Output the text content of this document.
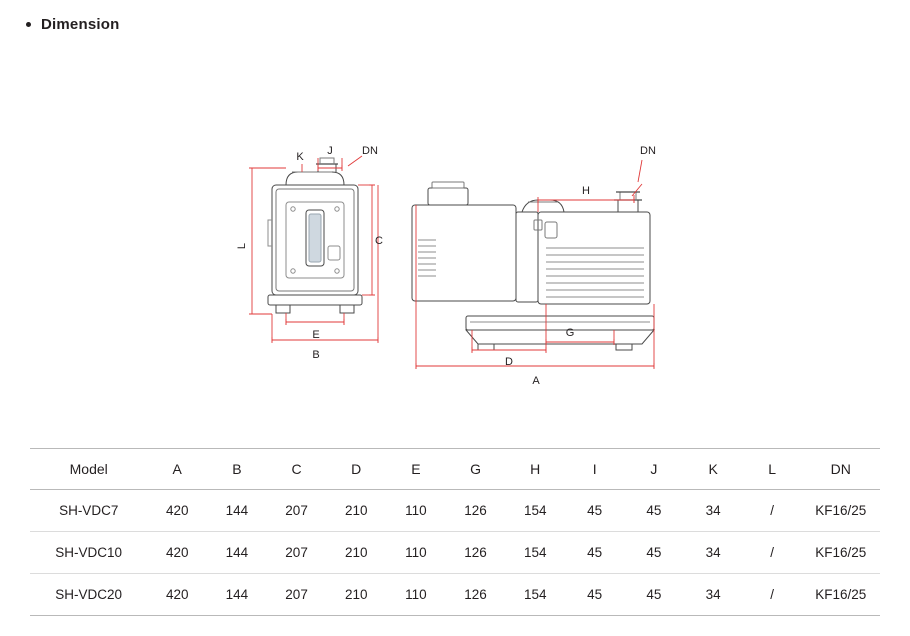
Dimension
L	C
B
E
J
K	DN
A
D
G
H
DN
Model	A	B	C	D	E	G	H	I	J	K	L	DN
SH-VDC7	420	144	207	210	110	126	154	45	45	34	/	KF16/25
SH-VDC10	420	144	207	210	110	126	154	45	45	34	/	KF16/25
SH-VDC20	420	144	207	210	110	126	154	45	45	34	/	KF16/25
